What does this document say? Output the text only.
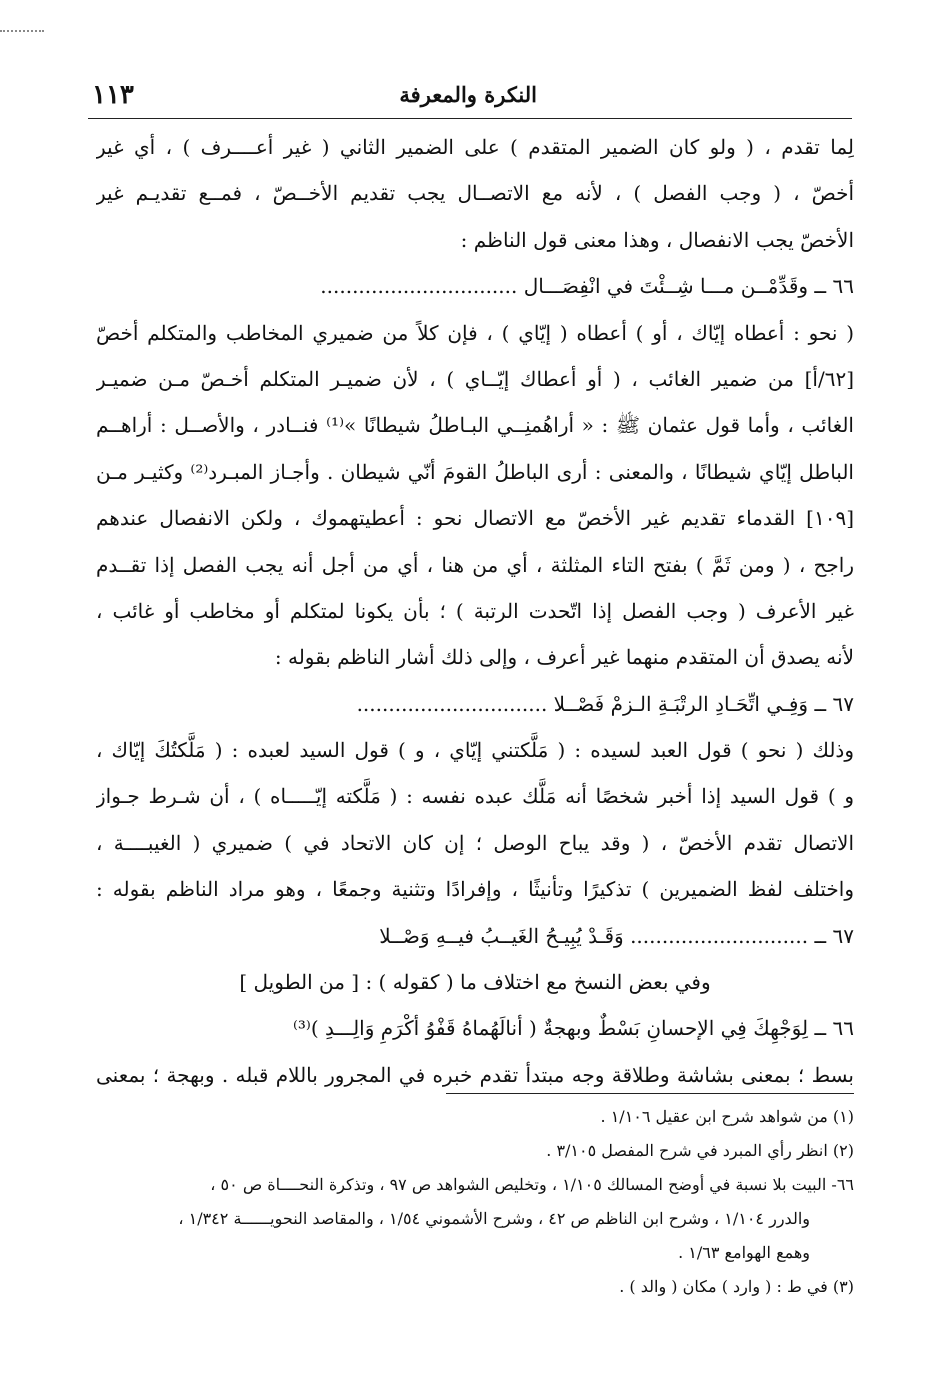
النكرة والمعرفة
١١٣
لِما تقدم ، ( ولو كان الضمير المتقدم ) على الضمير الثاني ( غير أعــــرف ) ، أي غير
أخصّ ، ( وجب الفصل ) ، لأنه مع الاتصــال يجب تقديم الأخــصّ ، فمــع تقديـم غير
الأخصّ يجب الانفصال ، وهذا معنى قول الناظم :
٦٦ ــ وقَدِّمْــن مـــا شِــئْتَ في انْفِصَـــال ...............................
( نحو : أعطاه إيّاك ، أو ) أعطاه ( إيّاي ) ، فإن كلاً من ضميري المخاطب والمتكلم أخصّ
[٦٢/أ] من ضمير الغائب ، ( أو أعطاك إيّــاي ) ، لأن ضميـر المتكلم أخـصّ مـن ضميـر
الغائب ، وأما قول عثمان ﷺ : « أراهُمنِــي البـاطلُ شيطانًا »⁽¹⁾ فنــادر ، والأصــل : أراهــم
الباطل إيّاي شيطانًا ، والمعنى : أرى الباطلُ القومَ أنّي شيطان . وأجـاز المبـرد⁽²⁾ وكثيـر مـن
[١٠٩] القدماء تقديم غير الأخصّ مع الاتصال نحو : أعطيتهموك ، ولكن الانفصال عندهم
راجح ، ( ومن ثَمَّ ) بفتح التاء المثلثة ، أي من هنا ، أي من أجل أنه يجب الفصل إذا تقــدم
غير الأعرف ( وجب الفصل إذا اتّحدت الرتبة ) ؛ بأن يكونا لمتكلم أو مخاطب أو غائب ،
لأنه يصدق أن المتقدم منهما غير أعرف ، وإلى ذلك أشار الناظم بقوله :
٦٧ ــ وَفِـي اتِّحَـادِ الرتْبَـةِ الـزمْ فَصْــلا ..............................
وذلك ( نحو ) قول العبد لسيده : ( مَلَّكتني إيّاي ، و ) قول السيد لعبده : ( مَلَّكتُكَ إيّاك ،
و ) قول السيد إذا أخبر شخصًا أنه مَلَّك عبده نفسه : ( مَلَّكته إيّـــــاه ) ، أن شـرط جـواز
الاتصال تقدم الأخصّ ، ( وقد يباح الوصل ؛ إن كان الاتحاد في ) ضميري ( الغيبــــة ،
واختلف لفظ الضميرين ) تذكيرًا وتأنيثًا ، وإفرادًا وتثنية وجمعًا ، وهو مراد الناظم بقوله :
٦٧ ــ ............................ وَقَـدْ يُبِيـحُ الغَيــبُ فيــهِ وَصْــلا
وفي بعض النسخ مع اختلاف ما ( كقوله ) : [ من الطويل ]
٦٦ ــ لِوَجْهِكَ فِي الإحسانِ بَسْطٌ وبهجةٌ ( أنالَهُماهُ قَفْوُ أكْرَمِ وَالِـــدِ )⁽³⁾
بسط ؛ بمعنى بشاشة وطلاقة وجه مبتدأ تقدم خبره في المجرور باللام قبله . وبهجة ؛ بمعنى
(١) من شواهد شرح ابن عقيل ١/١٠٦ .
(٢) انظر رأي المبرد في شرح المفصل ٣/١٠٥ .
٦٦- البيت بلا نسبة في أوضح المسالك ١/١٠٥ ، وتخليص الشواهد ص ٩٧ ، وتذكرة النحــــاة ص ٥٠ ،
والدرر ١/١٠٤ ، وشرح ابن الناظم ص ٤٢ ، وشرح الأشموني ١/٥٤ ، والمقاصد النحويــــــة ١/٣٤٢ ،
وهمع الهوامع ١/٦٣ .
(٣) في ط : ( وارد ) مكان ( والد ) .
